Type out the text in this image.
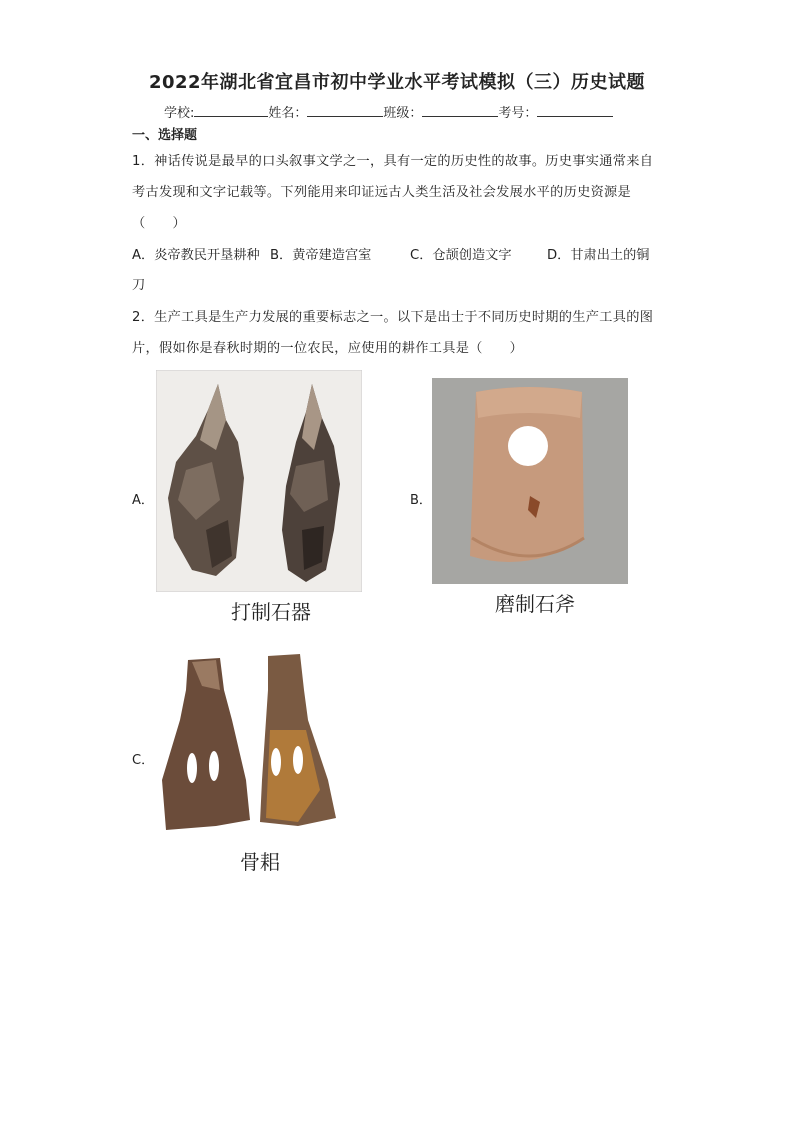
2022年湖北省宜昌市初中学业水平考试模拟（三）历史试题
学校:	姓名：	班级：	考号：
一、选择题
1．神话传说是最早的口头叙事文学之一，具有一定的历史性的故事。历史事实通常来自考古发现和文字记载等。下列能用来印证远古人类生活及社会发展水平的历史资源是（　　）
A．炎帝教民开垦耕种 B．黄帝建造宫室	C．仓颉创造文字	D．甘肃出土的铜
刀
2．生产工具是生产力发展的重要标志之一。以下是出士于不同历史时期的生产工具的图片，假如你是春秋时期的一位农民，应使用的耕作工具是（　　）
A．
打制石器
B．
磨制石斧
C．
骨耜
